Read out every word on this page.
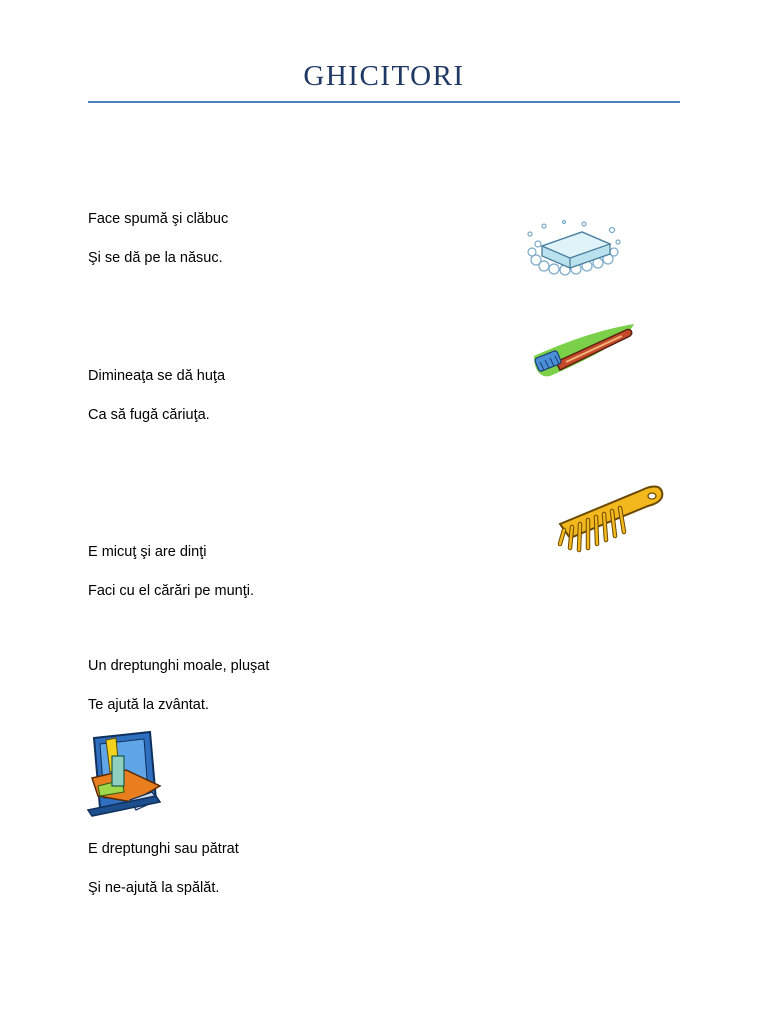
GHICITORI
Face spumă şi clăbuc
Şi se dă pe la năsuc.
Dimineaţa se dă huţa
Ca să fugă căriuţa.
E micuţ şi are dinţi
Faci cu el cărări pe munţi.
Un dreptunghi moale, pluşat
Te ajută la zvântat.
E dreptunghi sau pătrat
Şi ne-ajută la spălăt.
